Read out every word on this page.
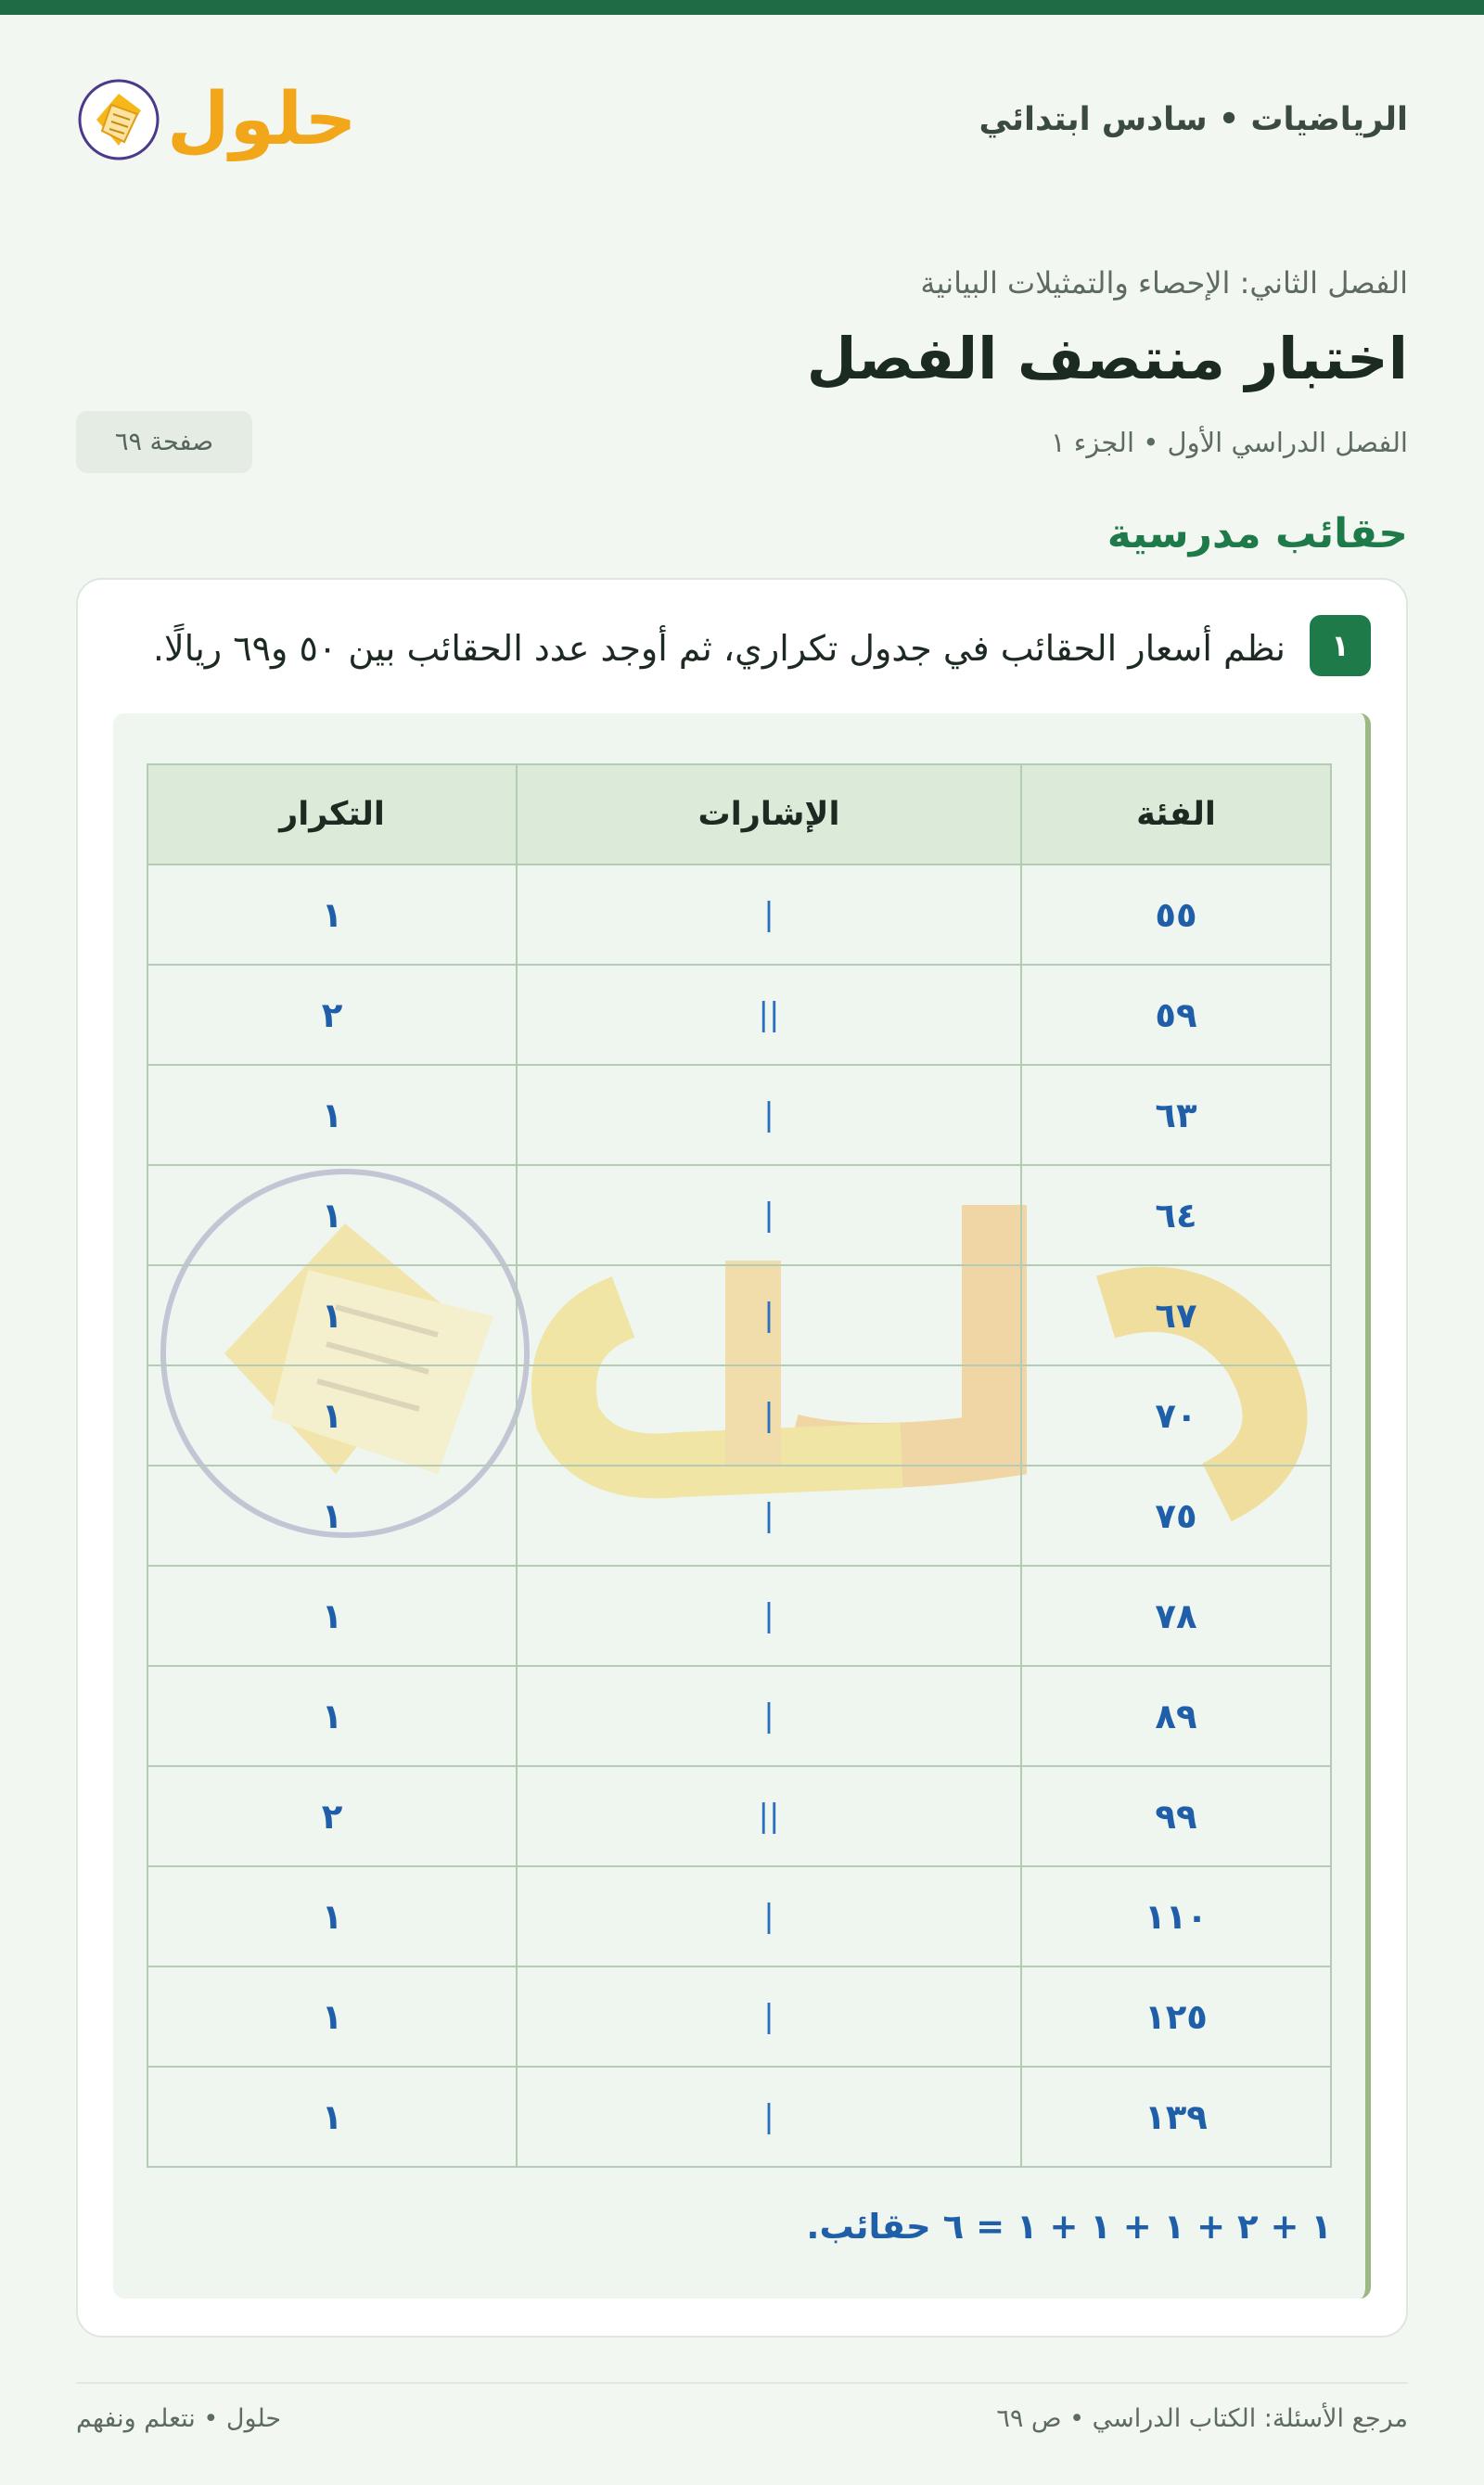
الرياضيات • سادس ابتدائي
حلول
الفصل الثاني: الإحصاء والتمثيلات البيانية
اختبار منتصف الفصل
الفصل الدراسي الأول • الجزء ١
صفحة ٦٩
حقائب مدرسية
١
نظم أسعار الحقائب في جدول تكراري، ثم أوجد عدد الحقائب بين ٥٠ و٦٩ ريالًا.
الفئة	الإشارات	التكرار
٥٥	|	١
٥٩	||	٢
٦٣	|	١
٦٤	|	١
٦٧	|	١
٧٠	|	١
٧٥	|	١
٧٨	|	١
٨٩	|	١
٩٩	||	٢
١١٠	|	١
١٢٥	|	١
١٣٩	|	١
١ + ٢ + ١ + ١ + ١ = ٦ حقائب.
مرجع الأسئلة: الكتاب الدراسي • ص ٦٩
حلول • نتعلم ونفهم
